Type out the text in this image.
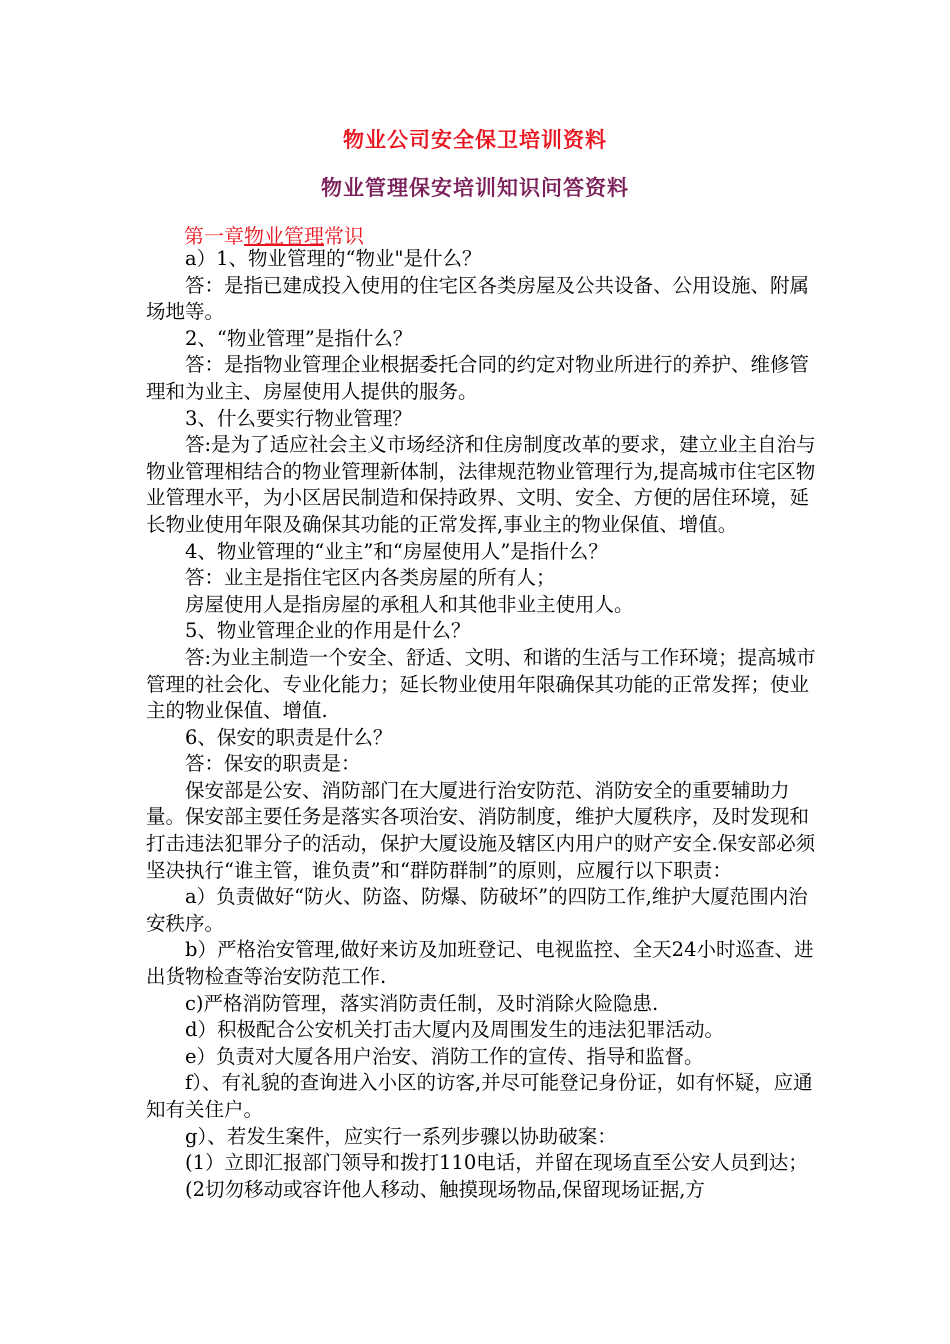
物业公司安全保卫培训资料
物业管理保安培训知识问答资料
第一章物业管理常识

a）1、物业管理的“物业"是什么？

答：是指已建成投入使用的住宅区各类房屋及公共设备、公用设施、附属场地等。

2、“物业管理”是指什么？

答：是指物业管理企业根据委托合同的约定对物业所进行的养护、维修管理和为业主、房屋使用人提供的服务。

3、什么要实行物业管理？

答:是为了适应社会主义市场经济和住房制度改革的要求，建立业主自治与物业管理相结合的物业管理新体制，法律规范物业管理行为,提高城市住宅区物业管理水平，为小区居民制造和保持政界、文明、安全、方便的居住环境，延长物业使用年限及确保其功能的正常发挥,事业主的物业保值、增值。

4、物业管理的“业主”和“房屋使用人”是指什么？

答：业主是指住宅区内各类房屋的所有人；

房屋使用人是指房屋的承租人和其他非业主使用人。

5、物业管理企业的作用是什么？

答:为业主制造一个安全、舒适、文明、和谐的生活与工作环境；提高城市管理的社会化、专业化能力；延长物业使用年限确保其功能的正常发挥；使业主的物业保值、增值.

6、保安的职责是什么？

答：保安的职责是：

保安部是公安、消防部门在大厦进行治安防范、消防安全的重要辅助力量。保安部主要任务是落实各项治安、消防制度，维护大厦秩序，及时发现和打击违法犯罪分子的活动，保护大厦设施及辖区内用户的财产安全.保安部必须坚决执行“谁主管，谁负责”和“群防群制”的原则，应履行以下职责：

a）负责做好“防火、防盗、防爆、防破坏”的四防工作,维护大厦范围内治安秩序。

b）严格治安管理,做好来访及加班登记、电视监控、全天24小时巡查、进出货物检查等治安防范工作.

c)严格消防管理，落实消防责任制，及时消除火险隐患.

d）积极配合公安机关打击大厦内及周围发生的违法犯罪活动。

e）负责对大厦各用户治安、消防工作的宣传、指导和监督。

f）、有礼貌的查询进入小区的访客,并尽可能登记身份证，如有怀疑，应通知有关住户。

g）、若发生案件，应实行一系列步骤以协助破案：

(1）立即汇报部门领导和拨打110电话，并留在现场直至公安人员到达；

(2切勿移动或容许他人移动、触摸现场物品,保留现场证据,方
